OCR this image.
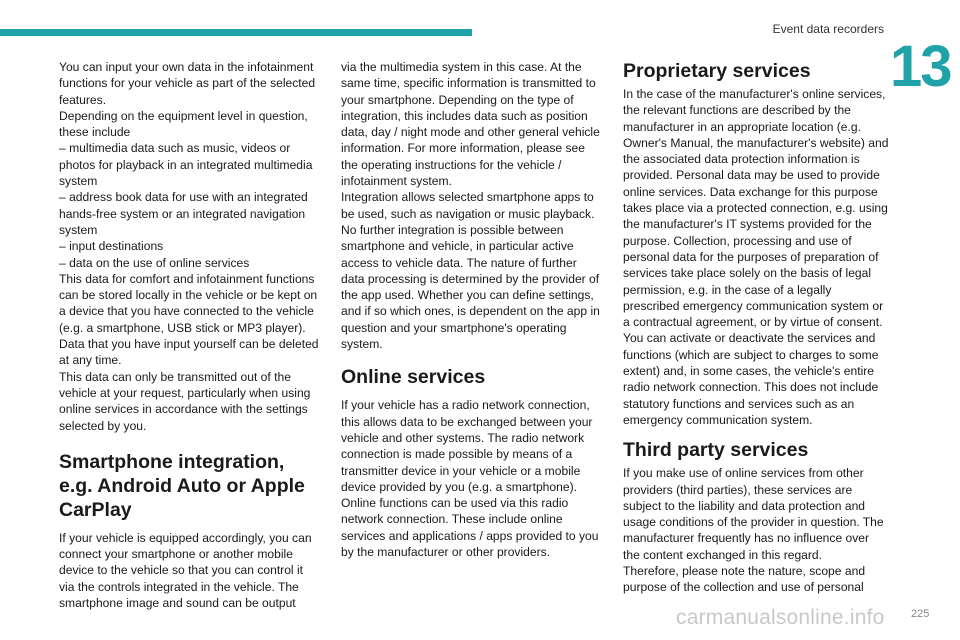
Event data recorders
13

You can input your own data in the infotainment functions for your vehicle as part of the selected features.

Depending on the equipment level in question, these include

– multimedia data such as music, videos or photos for playback in an integrated multimedia system

– address book data for use with an integrated hands-free system or an integrated navigation system

– input destinations

– data on the use of online services

This data for comfort and infotainment functions can be stored locally in the vehicle or be kept on a device that you have connected to the vehicle (e.g. a smartphone, USB stick or MP3 player). Data that you have input yourself can be deleted at any time.

This data can only be transmitted out of the vehicle at your request, particularly when using online services in accordance with the settings selected by you.

Smartphone integration, e.g. Android Auto or Apple CarPlay

If your vehicle is equipped accordingly, you can connect your smartphone or another mobile device to the vehicle so that you can control it via the controls integrated in the vehicle. The smartphone image and sound can be output

via the multimedia system in this case. At the same time, specific information is transmitted to your smartphone. Depending on the type of integration, this includes data such as position data, day / night mode and other general vehicle information. For more information, please see the operating instructions for the vehicle / infotainment system.

Integration allows selected smartphone apps to be used, such as navigation or music playback. No further integration is possible between smartphone and vehicle, in particular active access to vehicle data. The nature of further data processing is determined by the provider of the app used. Whether you can define settings, and if so which ones, is dependent on the app in question and your smartphone's operating system.

Online services

If your vehicle has a radio network connection, this allows data to be exchanged between your vehicle and other systems. The radio network connection is made possible by means of a transmitter device in your vehicle or a mobile device provided by you (e.g. a smartphone). Online functions can be used via this radio network connection. These include online services and applications / apps provided to you by the manufacturer or other providers.

Proprietary services

In the case of the manufacturer's online services, the relevant functions are described by the manufacturer in an appropriate location (e.g. Owner's Manual, the manufacturer's website) and the associated data protection information is provided. Personal data may be used to provide online services. Data exchange for this purpose takes place via a protected connection, e.g. using the manufacturer's IT systems provided for the purpose. Collection, processing and use of personal data for the purposes of preparation of services take place solely on the basis of legal permission, e.g. in the case of a legally prescribed emergency communication system or a contractual agreement, or by virtue of consent.

You can activate or deactivate the services and functions (which are subject to charges to some extent) and, in some cases, the vehicle's entire radio network connection. This does not include statutory functions and services such as an emergency communication system.

Third party services

If you make use of online services from other providers (third parties), these services are subject to the liability and data protection and usage conditions of the provider in question. The manufacturer frequently has no influence over the content exchanged in this regard.

Therefore, please note the nature, scope and purpose of the collection and use of personal

225
carmanualsonline.info
